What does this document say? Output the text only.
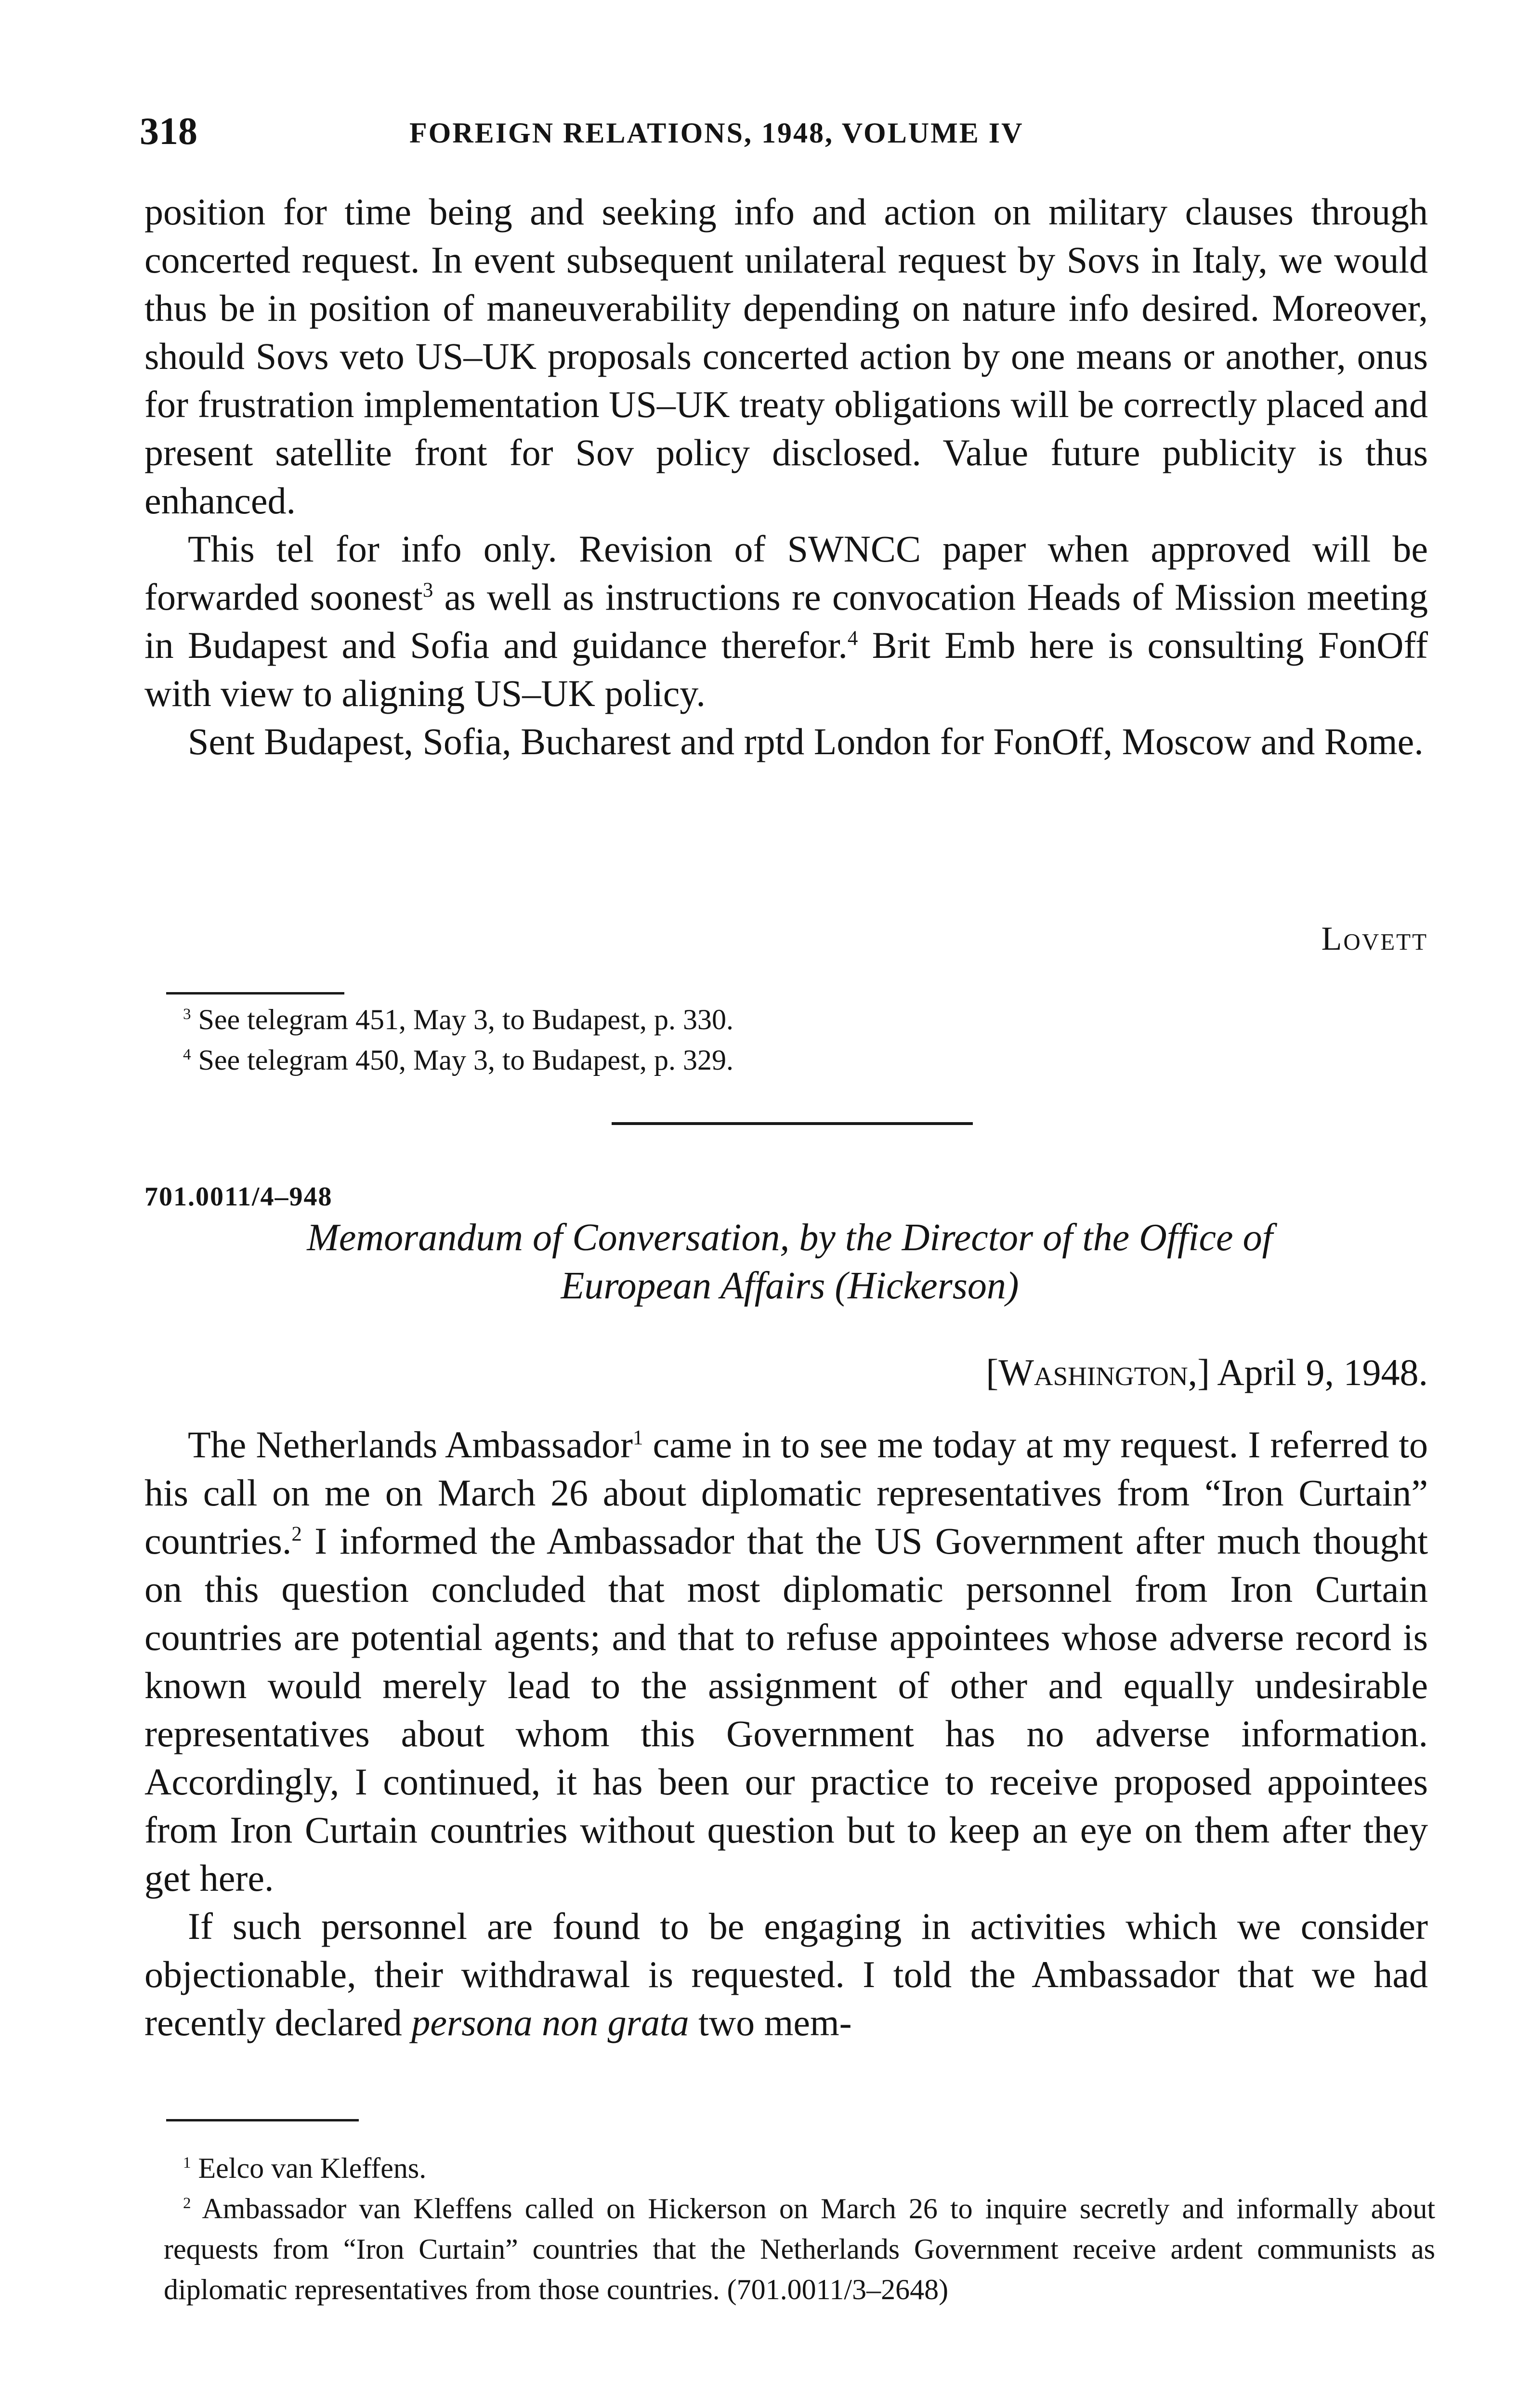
318	FOREIGN RELATIONS, 1948, VOLUME IV

position for time being and seeking info and action on military clauses through concerted request. In event subsequent unilateral request by Sovs in Italy, we would thus be in position of maneuverability depending on nature info desired. Moreover, should Sovs veto US–UK proposals concerted action by one means or another, onus for frustration implementation US–UK treaty obligations will be correctly placed and present satellite front for Sov policy disclosed. Value future publicity is thus enhanced.

This tel for info only. Revision of SWNCC paper when approved will be forwarded soonest$^3$ as well as instructions re convocation Heads of Mission meeting in Budapest and Sofia and guidance therefor.$^4$ Brit Emb here is consulting FonOff with view to aligning US–UK policy.

Sent Budapest, Sofia, Bucharest and rptd London for FonOff, Moscow and Rome.

Lovett

$^3$ See telegram 451, May 3, to Budapest, p. 330.

$^4$ See telegram 450, May 3, to Budapest, p. 329.

701.0011/4–948
Memorandum of Conversation, by the Director of the Office of
European Affairs (Hickerson)
[Washington,] April 9, 1948.

The Netherlands Ambassador$^1$ came in to see me today at my request. I referred to his call on me on March 26 about diplomatic representatives from “Iron Curtain” countries.$^2$ I informed the Ambassador that the US Government after much thought on this question concluded that most diplomatic personnel from Iron Curtain countries are potential agents; and that to refuse appointees whose adverse record is known would merely lead to the assignment of other and equally undesirable representatives about whom this Government has no adverse information. Accordingly, I continued, it has been our practice to receive proposed appointees from Iron Curtain countries without question but to keep an eye on them after they get here.

If such personnel are found to be engaging in activities which we consider objectionable, their withdrawal is requested. I told the Ambassador that we had recently declared persona non grata two mem-

$^1$ Eelco van Kleffens.

$^2$ Ambassador van Kleffens called on Hickerson on March 26 to inquire secretly and informally about requests from “Iron Curtain” countries that the Netherlands Government receive ardent communists as diplomatic representatives from those countries. (701.0011/3–2648)
